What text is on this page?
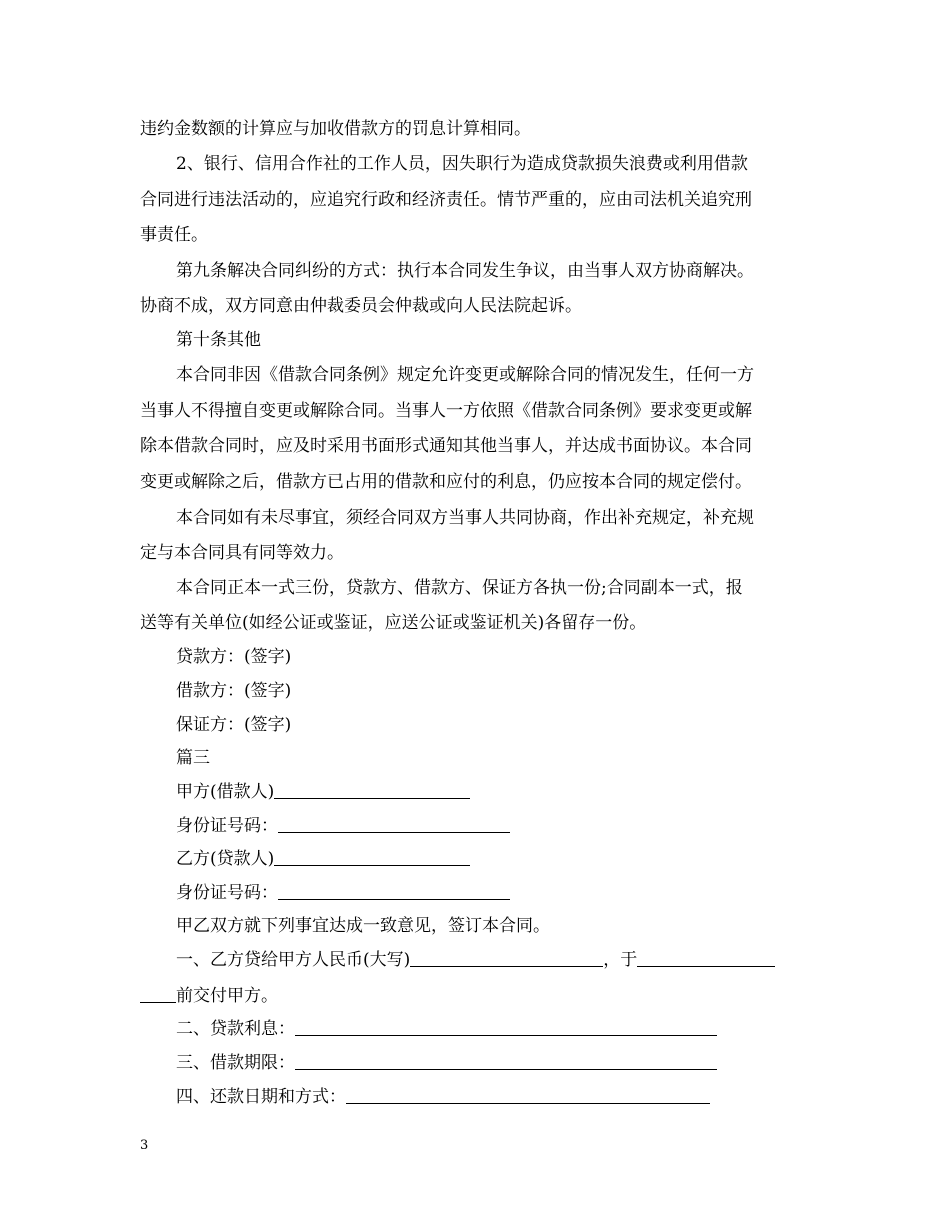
违约金数额的计算应与加收借款方的罚息计算相同。
2、银行、信用合作社的工作人员，因失职行为造成贷款损失浪费或利用借款
合同进行违法活动的，应追究行政和经济责任。情节严重的，应由司法机关追究刑
事责任。
第九条解决合同纠纷的方式：执行本合同发生争议，由当事人双方协商解决。
协商不成，双方同意由仲裁委员会仲裁或向人民法院起诉。
第十条其他
本合同非因《借款合同条例》规定允许变更或解除合同的情况发生，任何一方
当事人不得擅自变更或解除合同。当事人一方依照《借款合同条例》要求变更或解
除本借款合同时，应及时采用书面形式通知其他当事人，并达成书面协议。本合同
变更或解除之后，借款方已占用的借款和应付的利息，仍应按本合同的规定偿付。
本合同如有未尽事宜，须经合同双方当事人共同协商，作出补充规定，补充规
定与本合同具有同等效力。
本合同正本一式三份，贷款方、借款方、保证方各执一份;合同副本一式，报
送等有关单位(如经公证或鉴证，应送公证或鉴证机关)各留存一份。
贷款方：(签字)
借款方：(签字)
保证方：(签字)
篇三
甲方(借款人)
身份证号码：
乙方(贷款人)
身份证号码：
甲乙双方就下列事宜达成一致意见，签订本合同。
一、乙方贷给甲方人民币(大写)	，于
前交付甲方。
二、贷款利息：
三、借款期限：
四、还款日期和方式：
3
